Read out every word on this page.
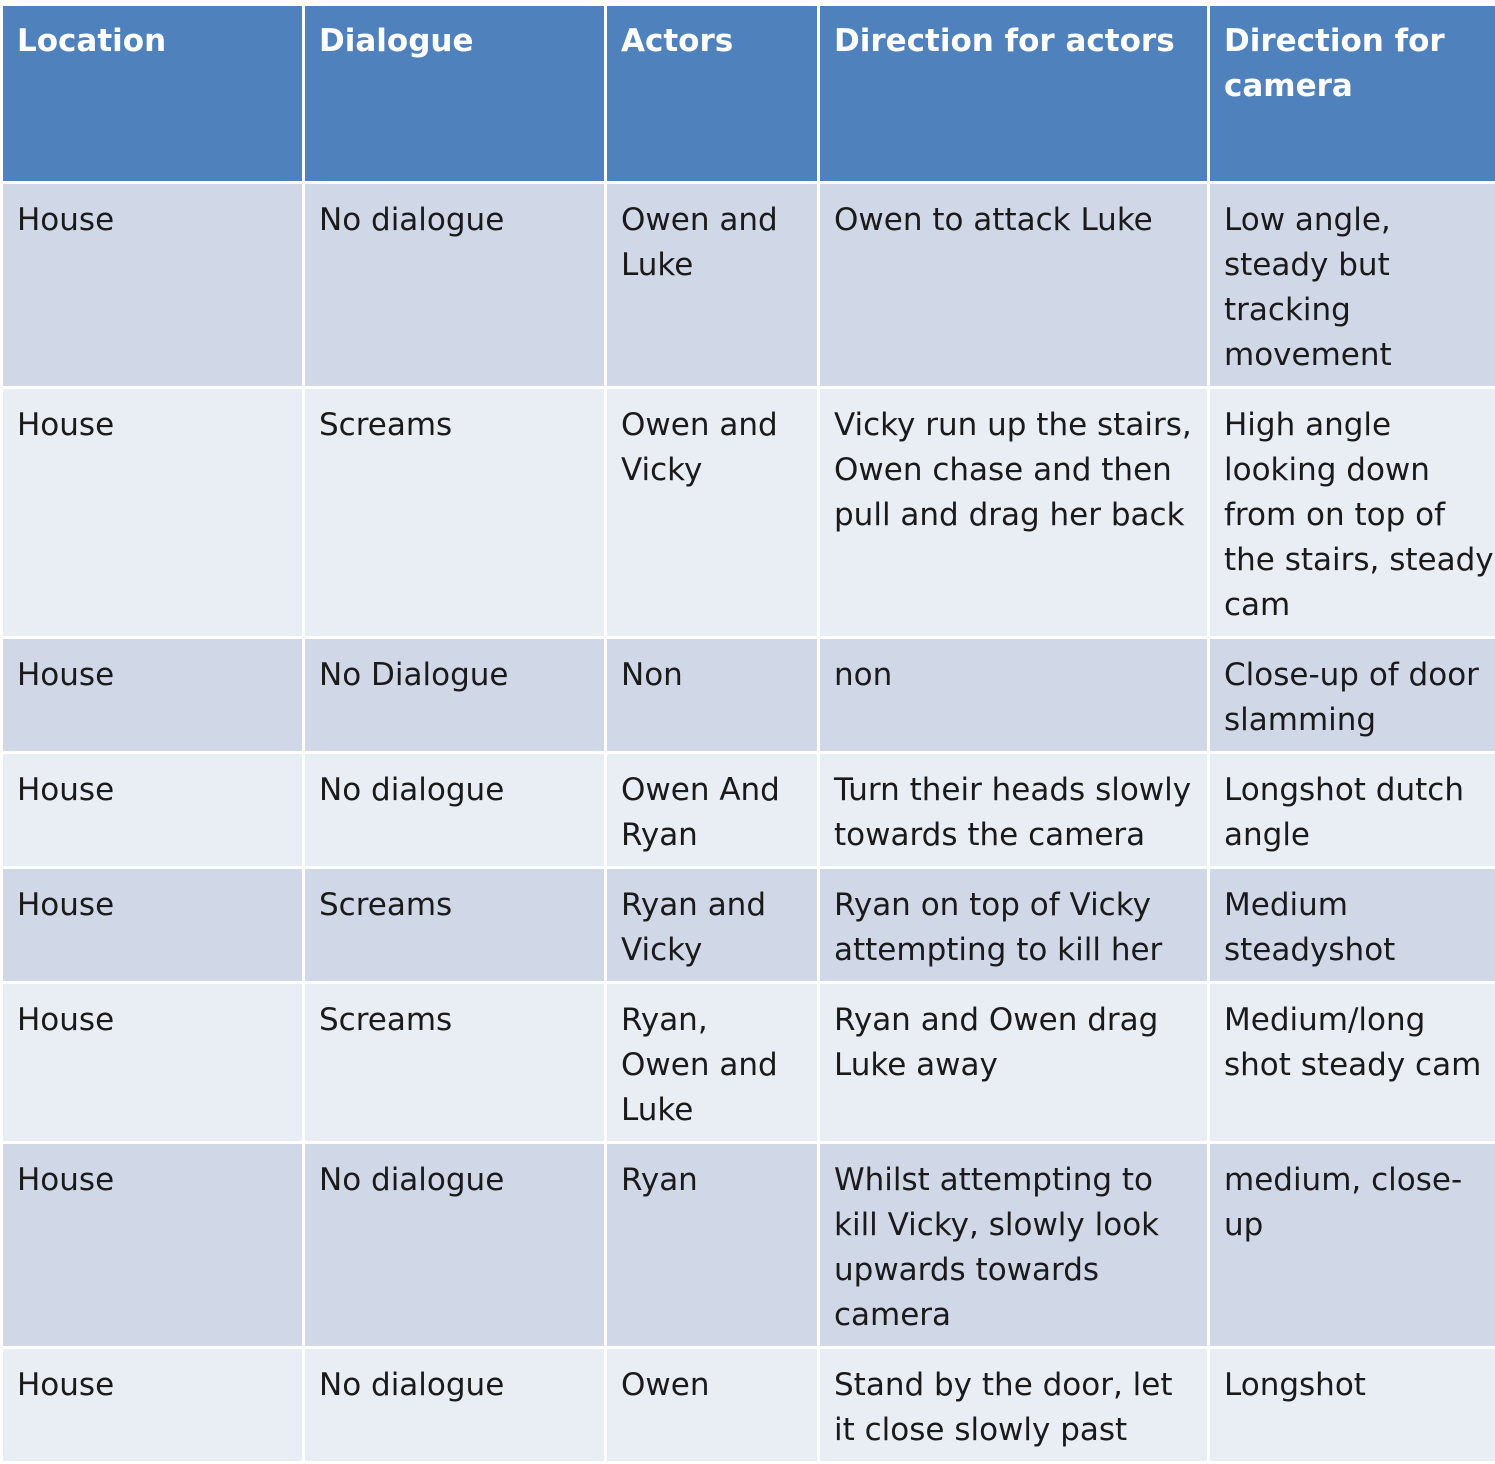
Location	Dialogue	Actors	Direction for actors	Direction for camera
House	No dialogue	Owen and Luke	Owen to attack Luke	Low angle, steady but tracking movement
House	Screams	Owen and Vicky	Vicky run up the stairs, Owen chase and then pull and drag her back	High angle looking down from on top of the stairs, steady cam
House	No Dialogue	Non	non	Close-up of door slamming
House	No dialogue	Owen And Ryan	Turn their heads slowly towards the camera	Longshot dutch angle
House	Screams	Ryan and Vicky	Ryan on top of Vicky attempting to kill her	Medium steadyshot
House	Screams	Ryan, Owen and Luke	Ryan and Owen drag Luke away	Medium/long shot steady cam
House	No dialogue	Ryan	Whilst attempting to kill Vicky, slowly look upwards towards camera	medium, close-up
House	No dialogue	Owen	Stand by the door, let it close slowly past	Longshot
